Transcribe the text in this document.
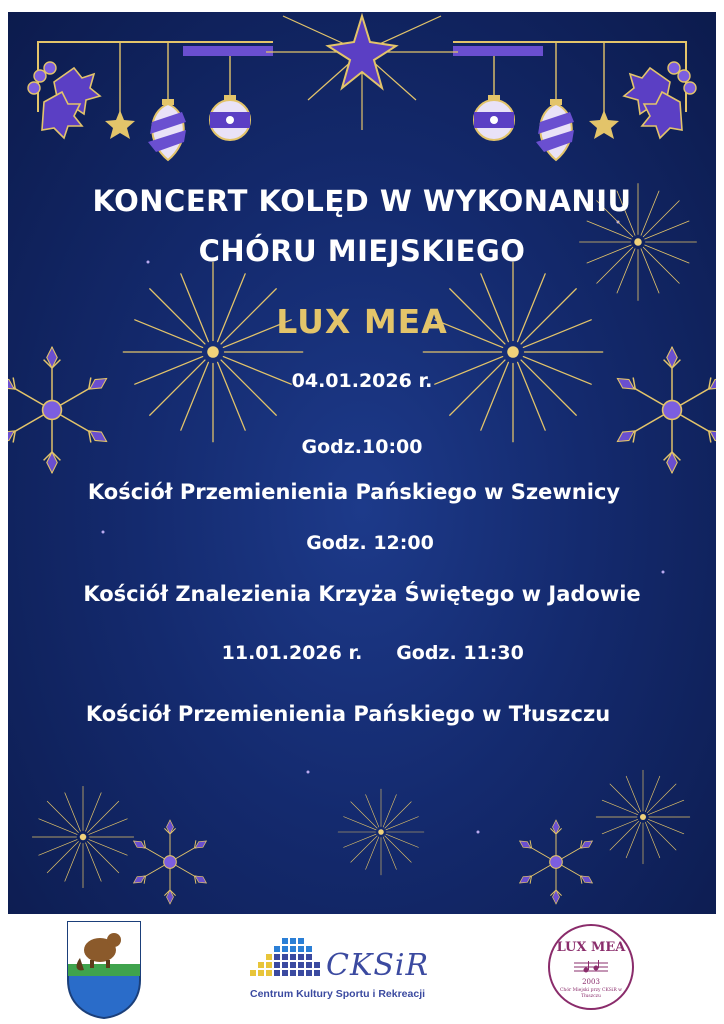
KONCERT KOLĘD W WYKONANIU
CHÓRU MIEJSKIEGO
LUX MEA
04.01.2026 r.
Godz.10:00
Kościół Przemienienia Pańskiego w Szewnicy
Godz. 12:00
Kościół Znalezienia Krzyża Świętego w Jadowie
11.01.2026 r.	Godz. 11:30
Kościół Przemienienia Pańskiego w Tłuszczu
CKSiR
Centrum Kultury Sportu i Rekreacji
LUX MEA
2003
Chór Miejski przy CKSiR w Tłuszczu
